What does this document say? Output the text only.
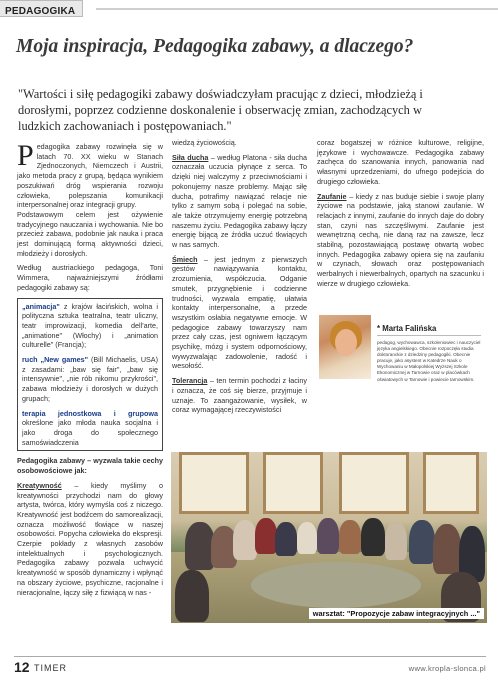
PEDAGOGIKA
Moja inspiracja, Pedagogika zabawy, a dlaczego?

"Wartości i siłę pedagogiki zabawy doświadczyłam pracując z dzieci, młodzieżą i dorosłymi, poprzez codzienne doskonalenie i obserwację zmian, zachodzących w ludzkich zachowaniach i postępowaniach."

Pedagogika zabawy rozwinęła się w latach 70. XX wieku w Stanach Zjednoczonych, Niemczech i Austrii, jako metoda pracy z grupą, będąca wynikiem poszukiwań dróg wspierania rozwoju człowieka, polepszania komunikacji interpersonalnej oraz integracji grupy.

Podstawowym celem jest ożywienie tradycyjnego nauczania i wychowania. Nie bo przecież zabawa, podobnie jak nauka i praca jest dominującą formą aktywności dzieci, młodzieży i dorosłych.

Według austriackiego pedagoga, Toni Wimmera, najważniejszymi źródłami pedagogiki zabawy są:

„animacja" z krajów łacińskich, wolna i polityczna sztuka teatralna, teatr uliczny, teatr improwizacji, komedia dell'arte, „animatione" (Włochy) i „animation culturelle" (Francja);

ruch „New games" (Bill Michaelis, USA) z zasadami: „baw się fair", „baw się intensywnie", „nie rób nikomu przykrości", zabawa młodzieży i dorosłych w dużych grupach;

terapia jednostkowa i grupowa określone jako młoda nauka socjalna i jako droga do społecznego samoświadczenia

Pedagogika zabawy – wyzwala takie cechy osobowościowe jak:

Kreatywność – kiedy myślimy o kreatywności przychodzi nam do głowy artysta, twórca, który wymyśla coś z niczego. Kreatywność jest bodźcem do samorealizacji, oznacza możliwość tkwiące w naszej osobowości. Popycha człowieka do ekspresji. Czerpie pokłady z własnych zasobów intelektualnych i psychologicznych. Pedagogika zabawy pozwala uchwycić kreatywność w sposób dynamiczny i wpłynąć na obszary życiowe, psychiczne, racjonalne i nieracjonalne, łączy siłę z fizwiącą w nas -

wiedzą życiowością.

Siła ducha – według Platona - siła ducha oznaczała uczucia płynące z serca. To dzięki niej walczymy z przeciwnościami i pokonujemy nasze problemy. Mając siłę ducha, potrafimy nawiązać relacje nie tylko z samym sobą i polegać na sobie, ale także otrzymujemy energię potrzebną naszemu życiu. Pedagogika zabawy łączy energię bijącą ze źródła uczuć tkwiących w nas samych.

Śmiech – jest jednym z pierwszych gestów nawiązywania kontaktu, zrozumienia, współczucia. Odganie smutek, przygnębienie i codzienne trudności, wyzwala empatię, ułatwia kontakty interpersonalne, a przede wszystkim osłabia negatywne emocje. W pedagogice zabawy towarzyszy nam przez cały czas, jest ogniwem łączącym psychikę, mózg i system odpornościowy, wywyzwalając zadowolenie, radość i wesołość.

Tolerancja – ten termin pochodzi z łaciny i oznacza, że coś się bierze, przyjmuje i uznaje. To zaangażowanie, wysiłek, w coraz wymagającej rzeczywistości

coraz bogatszej w różnice kulturowe, religijne, językowe i wychowawcze. Pedagogika zabawy zachęca do szanowania innych, panowania nad własnymi uprzedzeniami, do ufnego podejścia do drugiego człowieka.

Zaufanie – kiedy z nas buduje siebie i swoje plany życiowe na podstawie, jaką stanowi zaufanie. W relacjach z innymi, zaufanie do innych daje do dobry stan, czyni nas szczęśliwymi. Zaufanie jest wewnętrzną cechą, nie daną raz na zawsze, lecz stabilną, pozostawiającą postawę otwartą wobec innych. Pedagogika zabawy opiera się na zaufaniu w czynach, słowach oraz postępowaniach werbalnych i niewerbalnych, opartych na szacunku i wierze w drugiego człowieka.

* Marta Falińska
pedagog, wychowawca, szkoleniowiec i nauczyciel języka angielskiego. Obecnie rozpoczęła studia doktoranckie z dziedziny pedagogiki. Obecnie pracuje, jako asystent w Katedrze Nauk o Wychowaniu w Małopolskiej Wyższej Szkole Ekonomicznej w Tarnowie oraz w placówkach oświatowych w Tarnowie i powiecie tarnowskim.
warsztat: "Propozycje zabaw integracyjnych ..."
12 TIMER	www.kropla-slonca.pl
